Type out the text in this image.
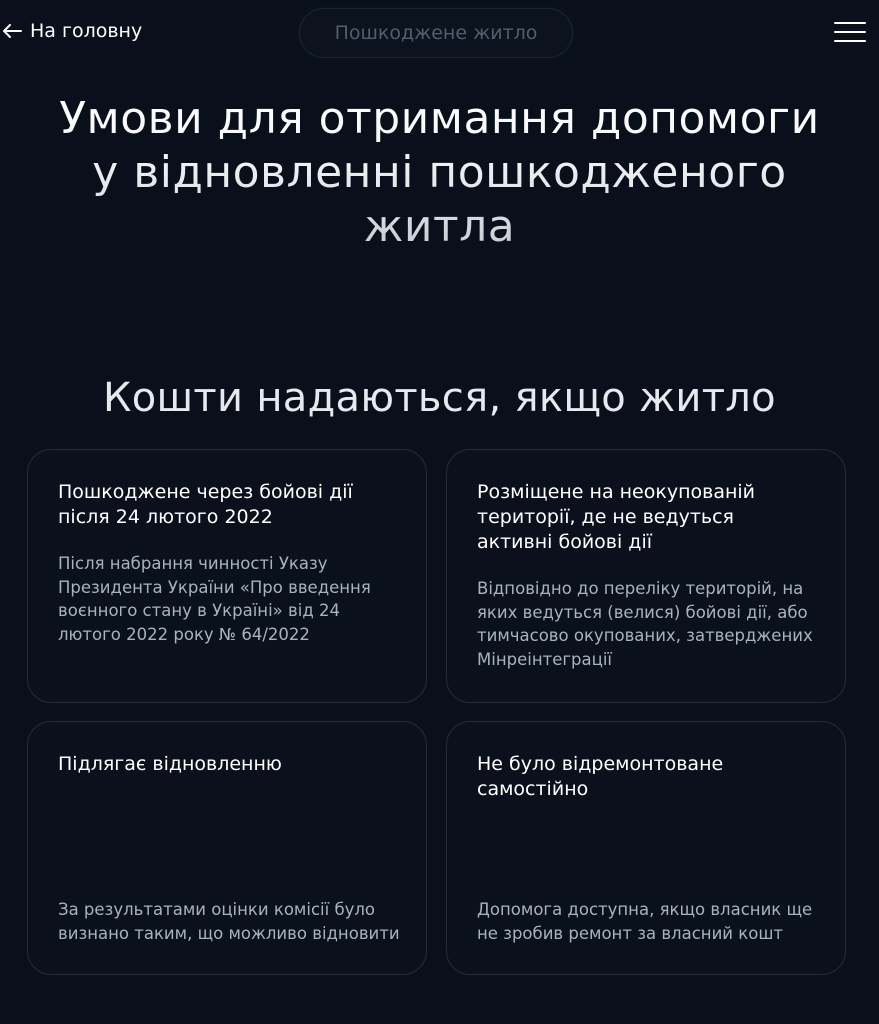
На головну	Пошкоджене житло
Умови для отримання допомоги у відновленні пошкодженого житла
Кошти надаються, якщо житло
Пошкоджене через бойові дії після 24 лютого 2022
Після набрання чинності Указу Президента України «Про введення воєнного стану в Україні» від 24 лютого 2022 року № 64/2022
Розміщене на неокупованій території, де не ведуться активні бойові дії
Відповідно до переліку територій, на яких ведуться (велися) бойові дії, або тимчасово окупованих, затверджених Мінреінтеграції
Підлягає відновленню
За результатами оцінки комісії було визнано таким, що можливо відновити
Не було відремонтоване самостійно
Допомога доступна, якщо власник ще не зробив ремонт за власний кошт
